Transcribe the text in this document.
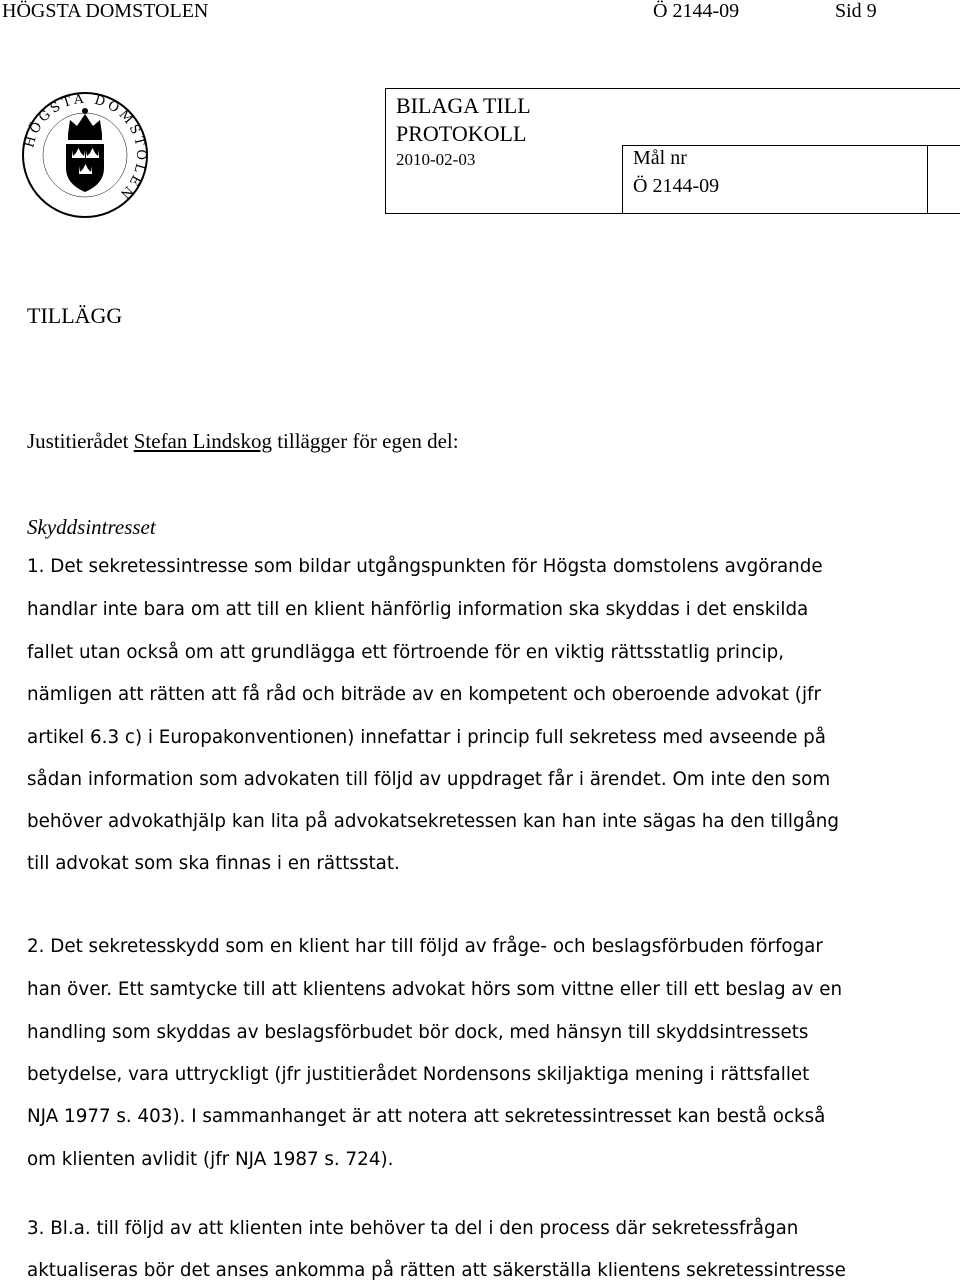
HÖGSTA DOMSTOLEN	Ö 2144-09	Sid 9
HÖGSTA DOMSTOLEN
BILAGA TILL
PROTOKOLL
2010-02-03	Mål nr
Ö 2144-09
TILLÄGG
Justitierådet Stefan Lindskog tillägger för egen del:
Skyddsintresset
1. Det sekretessintresse som bildar utgångspunkten för Högsta domstolens avgörande
handlar inte bara om att till en klient hänförlig information ska skyddas i det enskilda
fallet utan också om att grundlägga ett förtroende för en viktig rättsstatlig princip,
nämligen att rätten att få råd och biträde av en kompetent och oberoende advokat (jfr
artikel 6.3 c) i Europakonventionen) innefattar i princip full sekretess med avseende på
sådan information som advokaten till följd av uppdraget får i ärendet. Om inte den som
behöver advokathjälp kan lita på advokatsekretessen kan han inte sägas ha den tillgång
till advokat som ska finnas i en rättsstat.
2. Det sekretesskydd som en klient har till följd av fråge- och beslagsförbuden förfogar
han över. Ett samtycke till att klientens advokat hörs som vittne eller till ett beslag av en
handling som skyddas av beslagsförbudet bör dock, med hänsyn till skyddsintressets
betydelse, vara uttryckligt (jfr justitierådet Nordensons skiljaktiga mening i rättsfallet
NJA 1977 s. 403). I sammanhanget är att notera att sekretessintresset kan bestå också
om klienten avlidit (jfr NJA 1987 s. 724).
3. Bl.a. till följd av att klienten inte behöver ta del i den process där sekretessfrågan
aktualiseras bör det anses ankomma på rätten att säkerställa klientens sekretessintresse
